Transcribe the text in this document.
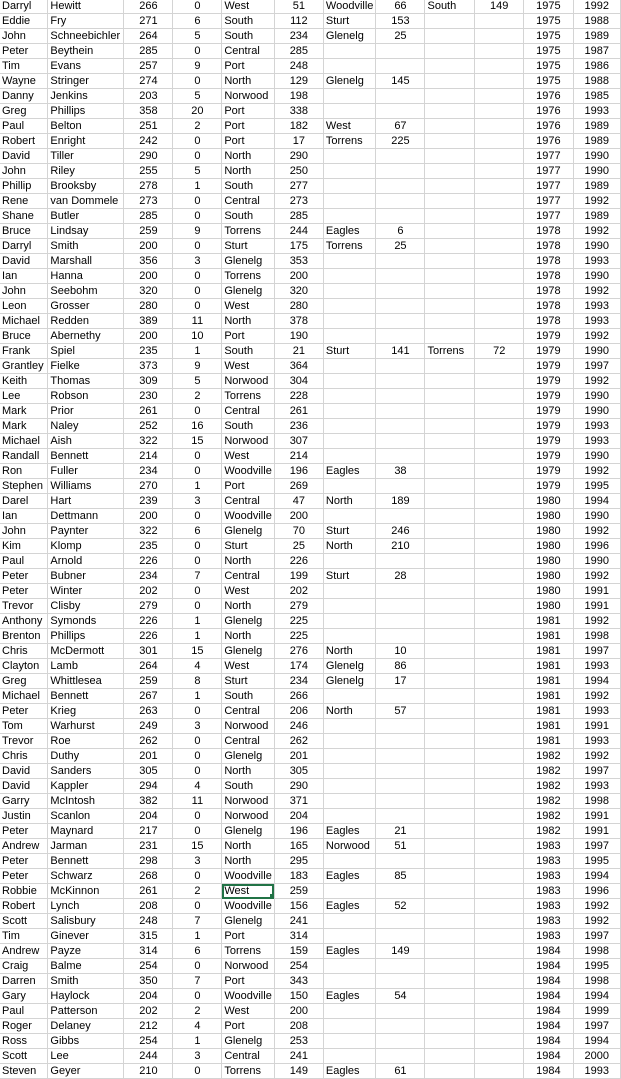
Darryl	Hewitt	266	0	West	51	Woodville	66	South	149	1975	1992
Eddie	Fry	271	6	South	112	Sturt	153			1975	1988
John	Schneebichler	264	5	South	234	Glenelg	25			1975	1989
Peter	Beythein	285	0	Central	285					1975	1987
Tim	Evans	257	9	Port	248					1975	1986
Wayne	Stringer	274	0	North	129	Glenelg	145			1975	1988
Danny	Jenkins	203	5	Norwood	198					1976	1985
Greg	Phillips	358	20	Port	338					1976	1993
Paul	Belton	251	2	Port	182	West	67			1976	1989
Robert	Enright	242	0	Port	17	Torrens	225			1976	1989
David	Tiller	290	0	North	290					1977	1990
John	Riley	255	5	North	250					1977	1990
Phillip	Brooksby	278	1	South	277					1977	1989
Rene	van Dommele	273	0	Central	273					1977	1992
Shane	Butler	285	0	South	285					1977	1989
Bruce	Lindsay	259	9	Torrens	244	Eagles	6			1978	1992
Darryl	Smith	200	0	Sturt	175	Torrens	25			1978	1990
David	Marshall	356	3	Glenelg	353					1978	1993
Ian	Hanna	200	0	Torrens	200					1978	1990
John	Seebohm	320	0	Glenelg	320					1978	1992
Leon	Grosser	280	0	West	280					1978	1993
Michael	Redden	389	11	North	378					1978	1993
Bruce	Abernethy	200	10	Port	190					1979	1992
Frank	Spiel	235	1	South	21	Sturt	141	Torrens	72	1979	1990
Grantley	Fielke	373	9	West	364					1979	1997
Keith	Thomas	309	5	Norwood	304					1979	1992
Lee	Robson	230	2	Torrens	228					1979	1990
Mark	Prior	261	0	Central	261					1979	1990
Mark	Naley	252	16	South	236					1979	1993
Michael	Aish	322	15	Norwood	307					1979	1993
Randall	Bennett	214	0	West	214					1979	1990
Ron	Fuller	234	0	Woodville	196	Eagles	38			1979	1992
Stephen	Williams	270	1	Port	269					1979	1995
Darel	Hart	239	3	Central	47	North	189			1980	1994
Ian	Dettmann	200	0	Woodville	200					1980	1990
John	Paynter	322	6	Glenelg	70	Sturt	246			1980	1992
Kim	Klomp	235	0	Sturt	25	North	210			1980	1996
Paul	Arnold	226	0	North	226					1980	1990
Peter	Bubner	234	7	Central	199	Sturt	28			1980	1992
Peter	Winter	202	0	West	202					1980	1991
Trevor	Clisby	279	0	North	279					1980	1991
Anthony	Symonds	226	1	Glenelg	225					1981	1992
Brenton	Phillips	226	1	North	225					1981	1998
Chris	McDermott	301	15	Glenelg	276	North	10			1981	1997
Clayton	Lamb	264	4	West	174	Glenelg	86			1981	1993
Greg	Whittlesea	259	8	Sturt	234	Glenelg	17			1981	1994
Michael	Bennett	267	1	South	266					1981	1992
Peter	Krieg	263	0	Central	206	North	57			1981	1993
Tom	Warhurst	249	3	Norwood	246					1981	1991
Trevor	Roe	262	0	Central	262					1981	1993
Chris	Duthy	201	0	Glenelg	201					1982	1992
David	Sanders	305	0	North	305					1982	1997
David	Kappler	294	4	South	290					1982	1993
Garry	McIntosh	382	11	Norwood	371					1982	1998
Justin	Scanlon	204	0	Norwood	204					1982	1991
Peter	Maynard	217	0	Glenelg	196	Eagles	21			1982	1991
Andrew	Jarman	231	15	North	165	Norwood	51			1983	1997
Peter	Bennett	298	3	North	295					1983	1995
Peter	Schwarz	268	0	Woodville	183	Eagles	85			1983	1994
Robbie	McKinnon	261	2	West	259					1983	1996
Robert	Lynch	208	0	Woodville	156	Eagles	52			1983	1992
Scott	Salisbury	248	7	Glenelg	241					1983	1992
Tim	Ginever	315	1	Port	314					1983	1997
Andrew	Payze	314	6	Torrens	159	Eagles	149			1984	1998
Craig	Balme	254	0	Norwood	254					1984	1995
Darren	Smith	350	7	Port	343					1984	1998
Gary	Haylock	204	0	Woodville	150	Eagles	54			1984	1994
Paul	Patterson	202	2	West	200					1984	1999
Roger	Delaney	212	4	Port	208					1984	1997
Ross	Gibbs	254	1	Glenelg	253					1984	1994
Scott	Lee	244	3	Central	241					1984	2000
Steven	Geyer	210	0	Torrens	149	Eagles	61			1984	1993
